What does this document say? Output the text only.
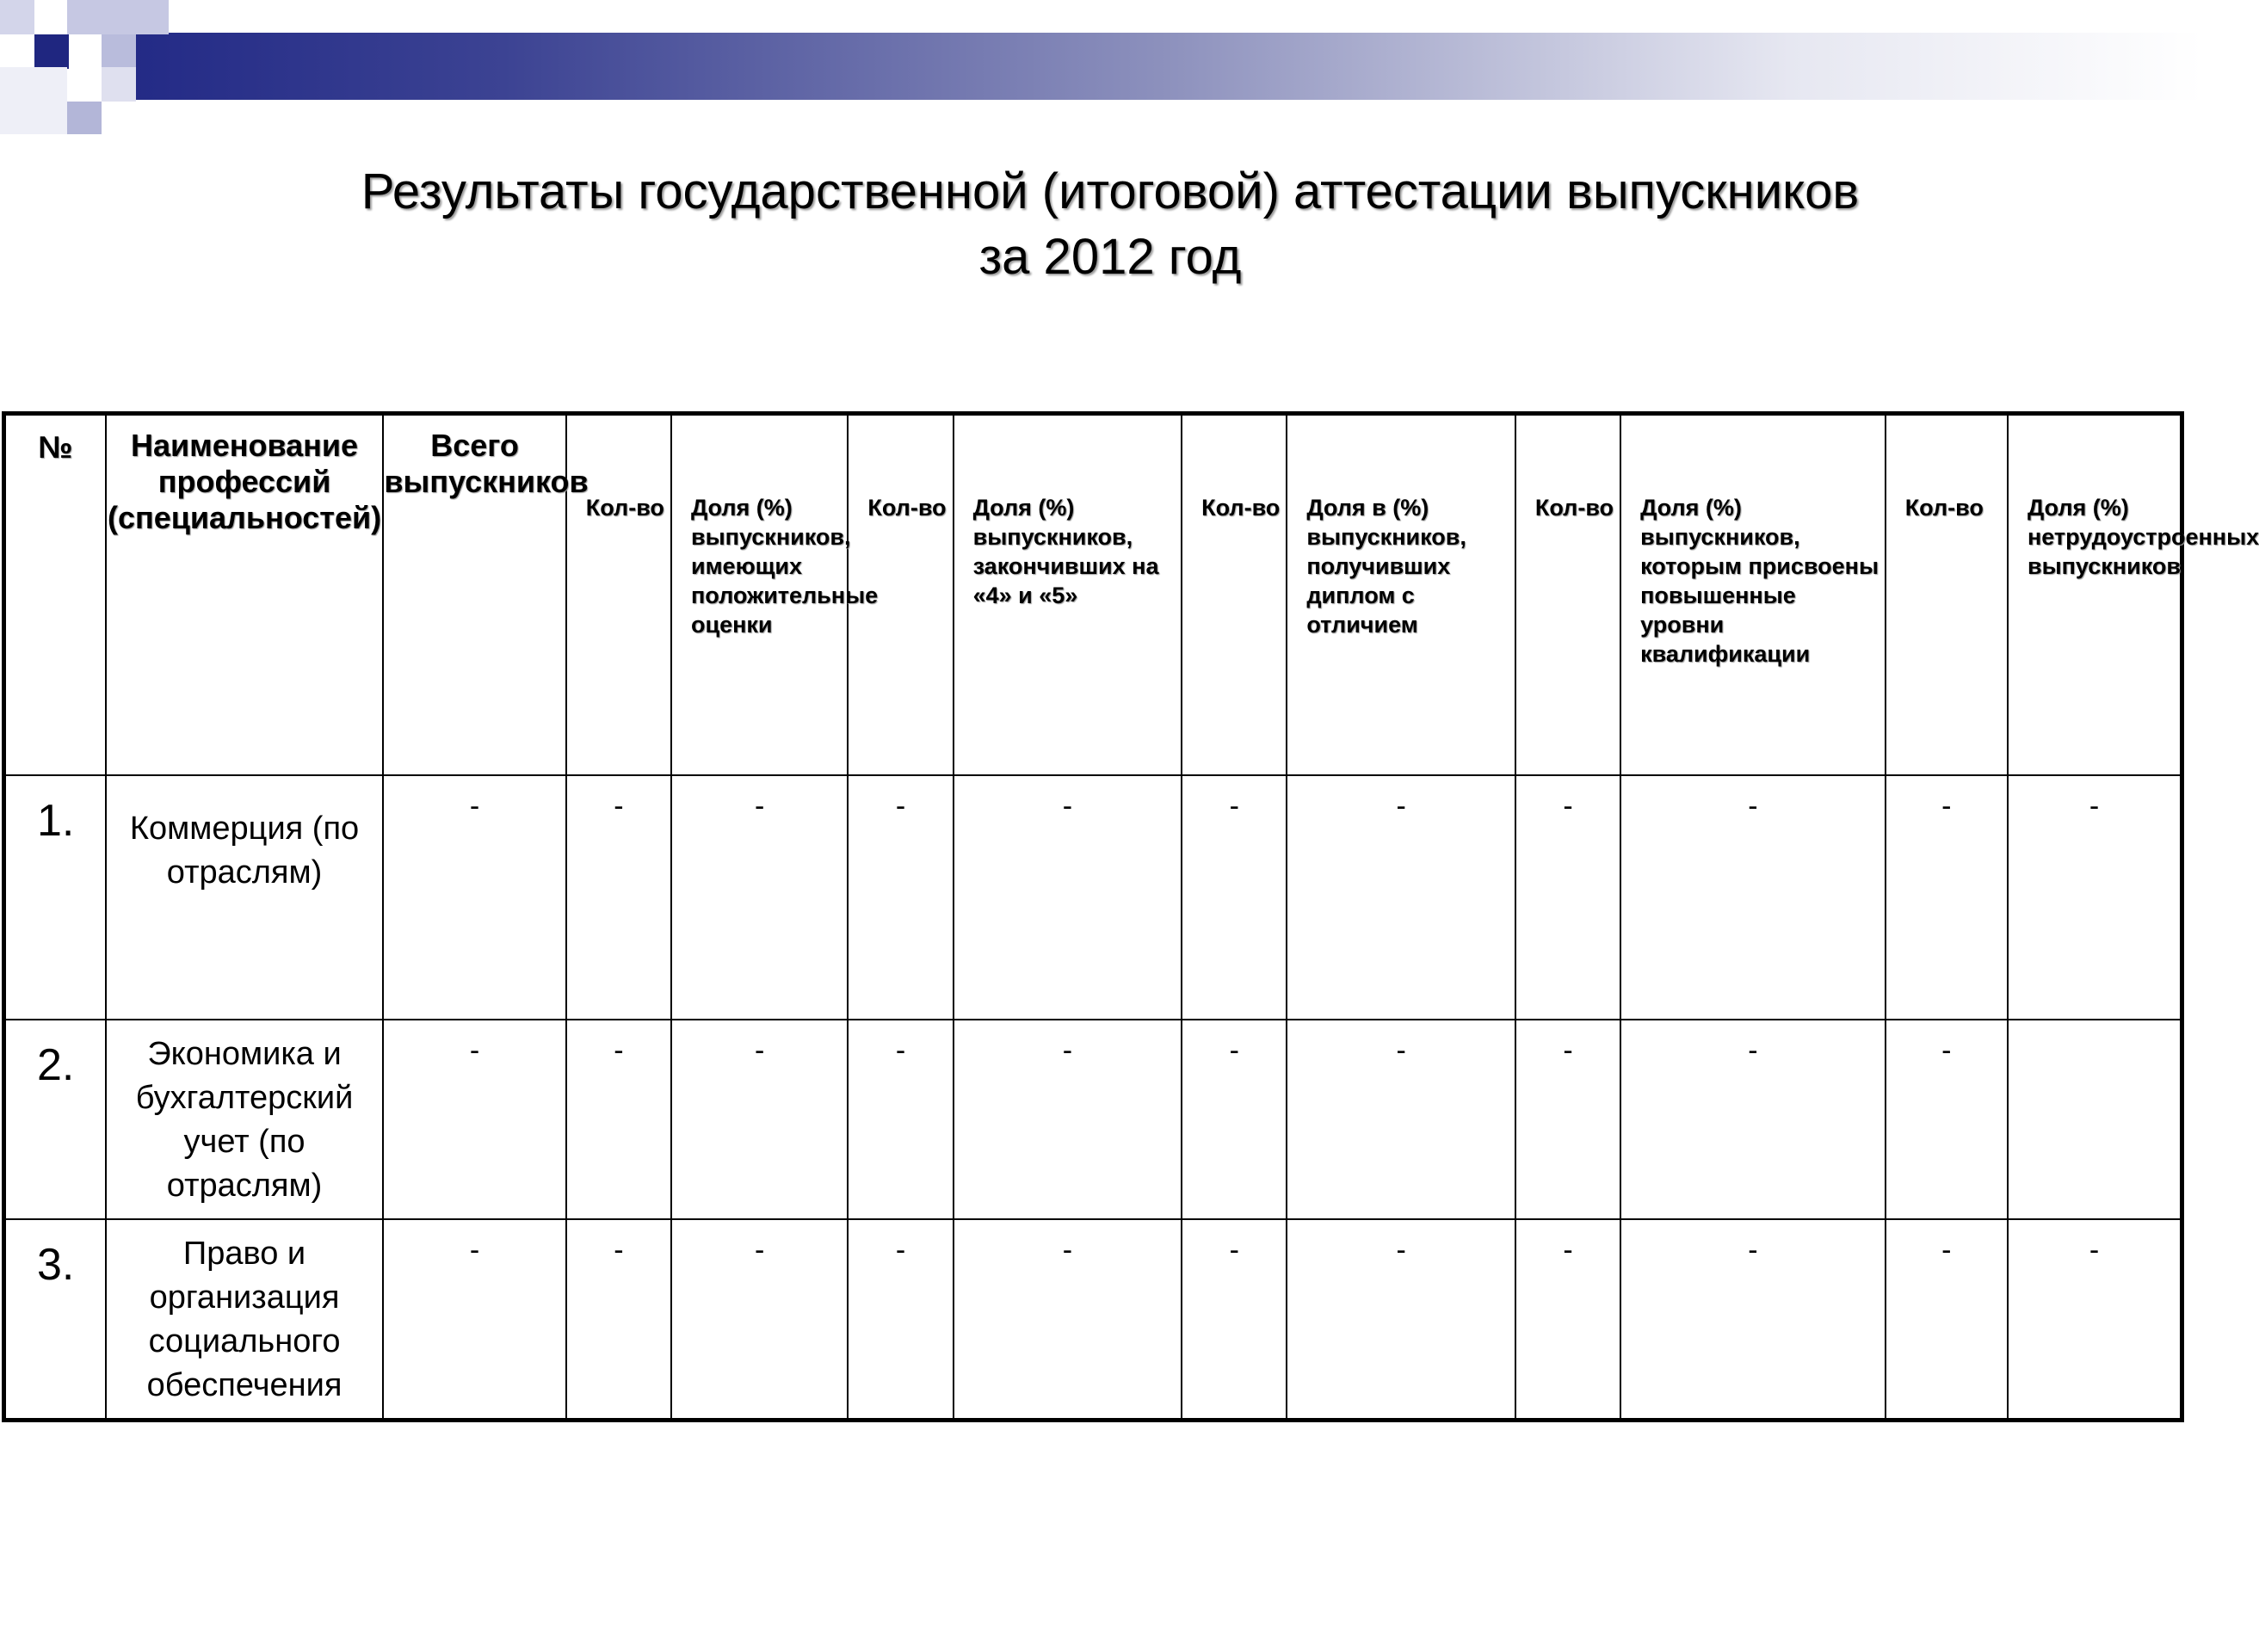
Результаты государственной (итоговой) аттестации выпускников
за 2012 год
№	Наименование профессий (специальностей)	Всего выпускников	Кол-во	Доля (%) выпускников, имеющих положительные оценки	Кол-во	Доля (%) выпускников, закончивших на «4» и «5»	Кол-во	Доля в (%) выпускников, получивших диплом с отличием	Кол-во	Доля (%) выпускников, которым присвоены повышенные уровни квалификации	Кол-во	Доля (%) нетрудоустроенных выпускников
1.	Коммерция (по отраслям)	-	-	-	-	-	-	-	-	-	-	-
2.	Экономика и бухгалтерский учет (по отраслям)	-	-	-	-	-	-	-	-	-	-	
3.	Право и организация социального обеспечения	-	-	-	-	-	-	-	-	-	-	-
